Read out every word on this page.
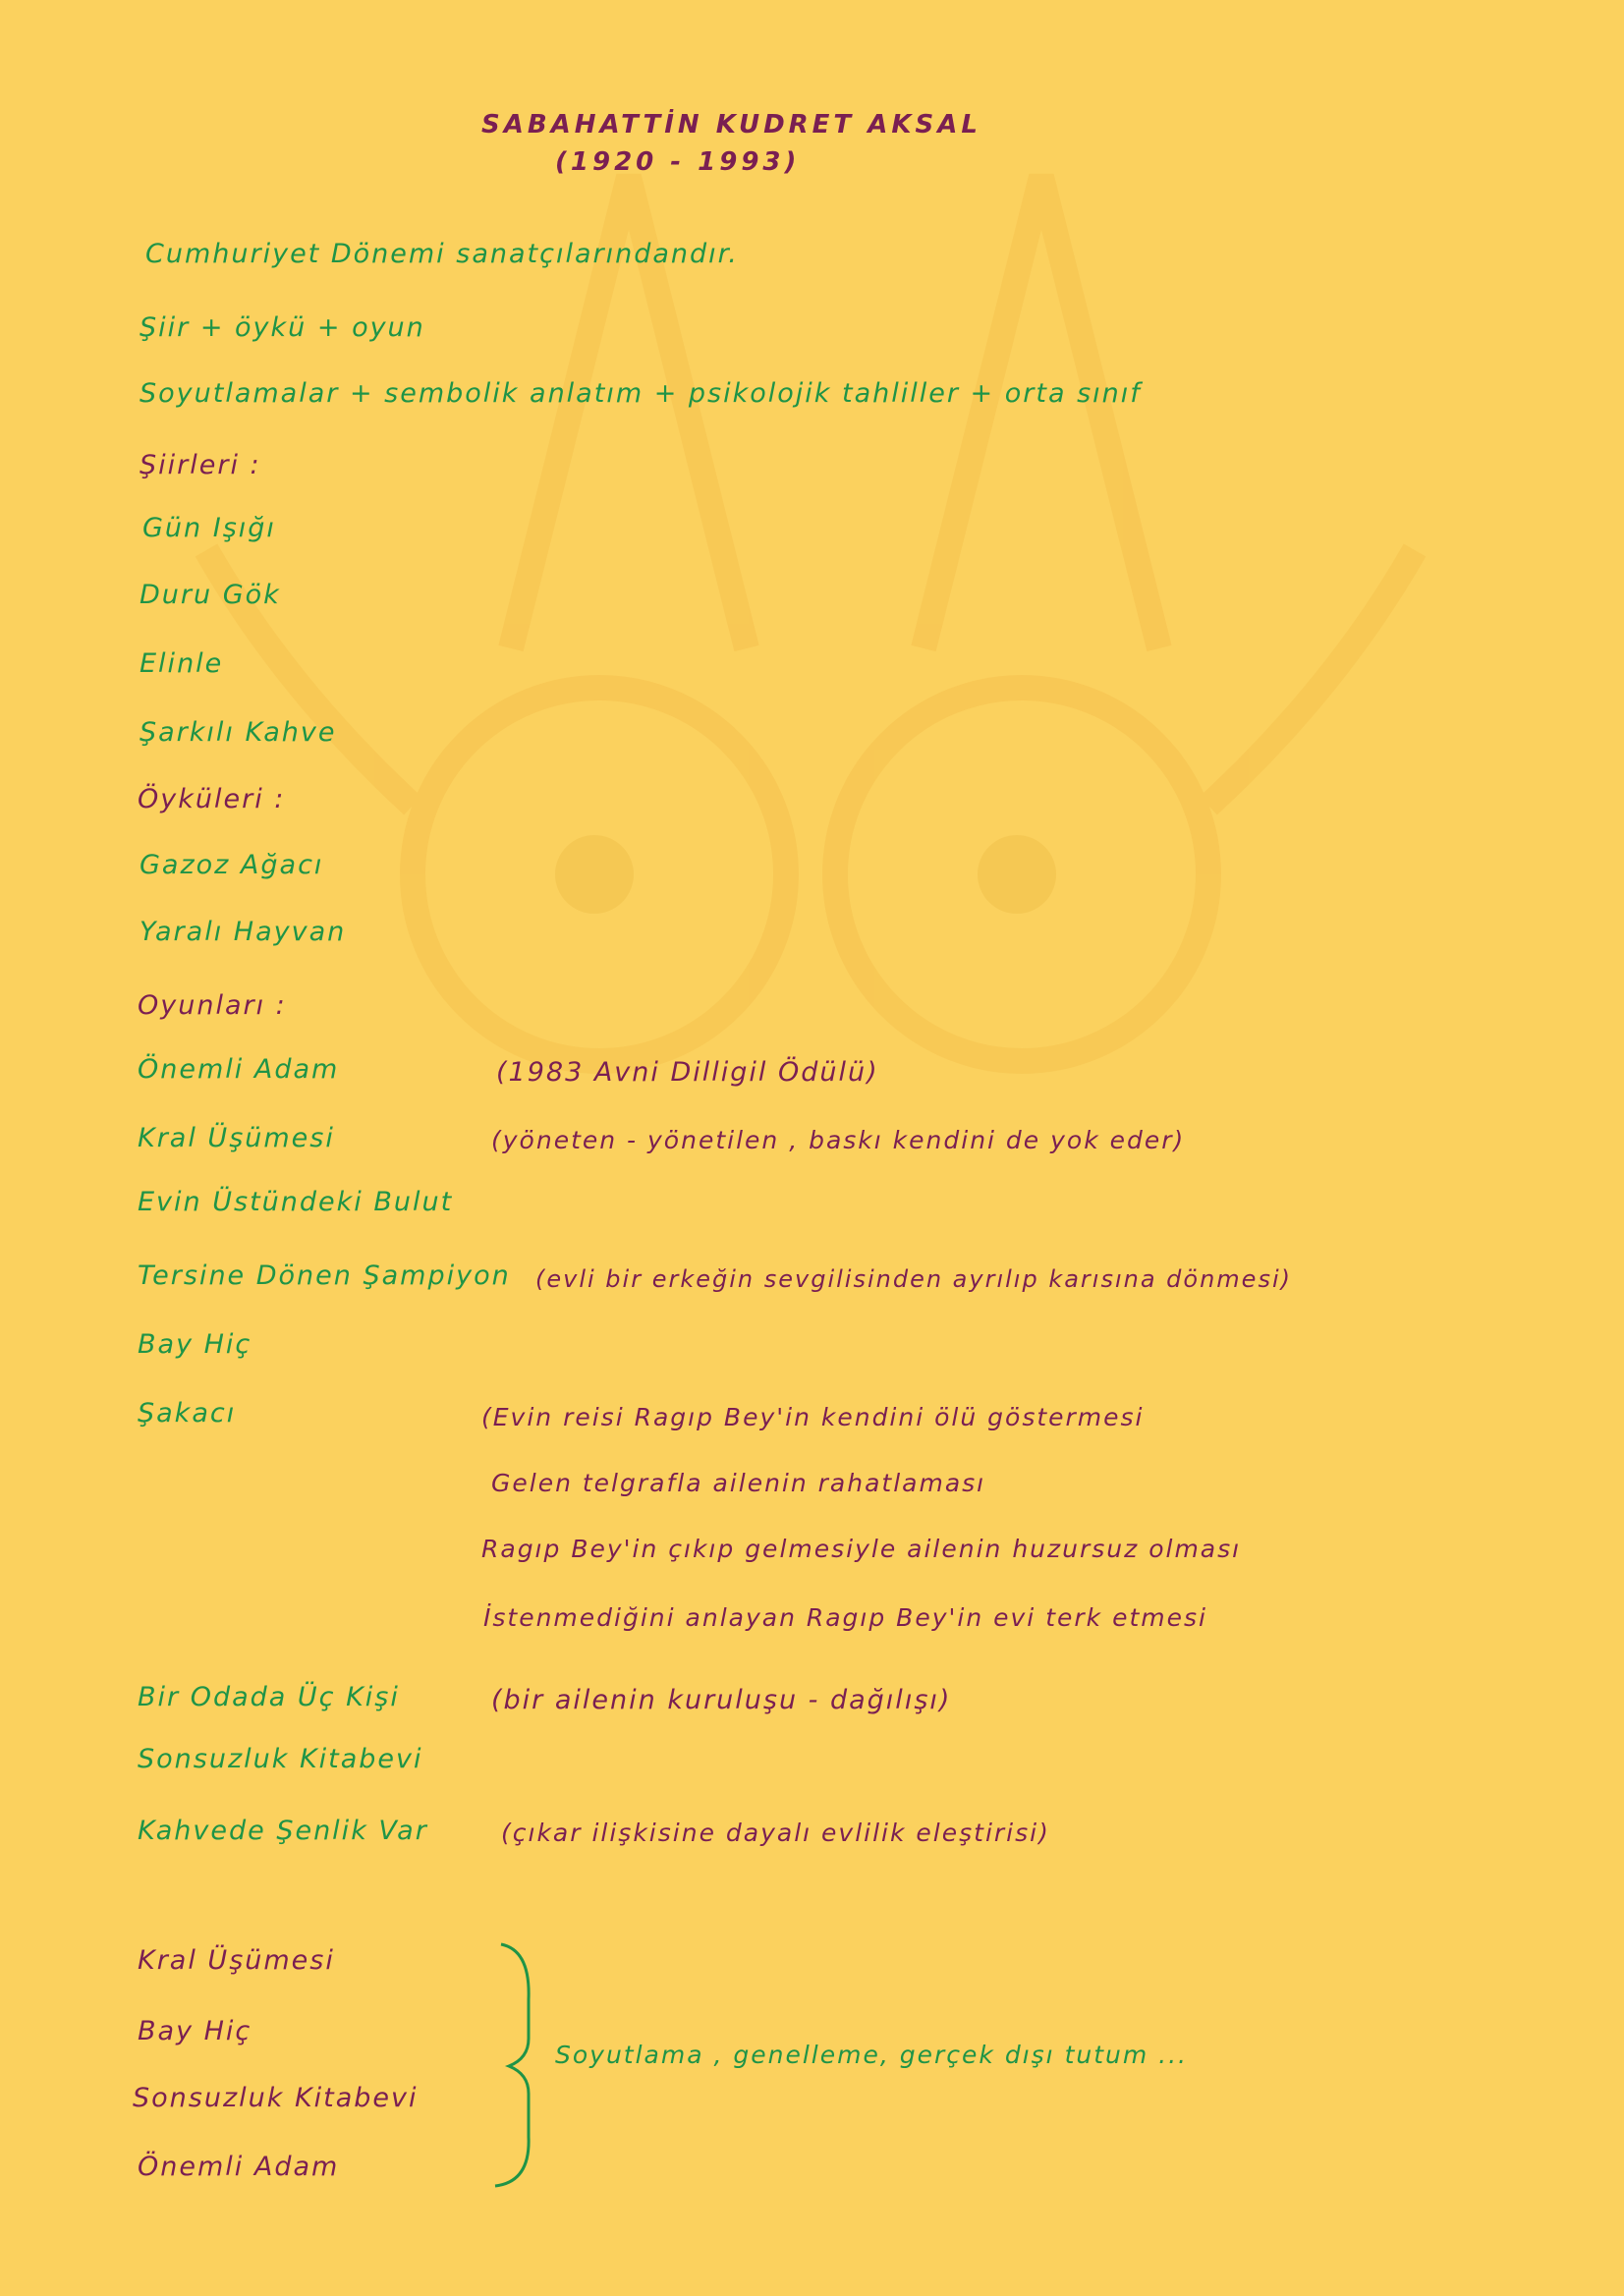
SABAHATTİN KUDRET AKSAL
(1920 - 1993)
Cumhuriyet Dönemi sanatçılarındandır.
Şiir + öykü + oyun
Soyutlamalar + sembolik anlatım + psikolojik tahliller + orta sınıf
Şiirleri :
Gün Işığı
Duru Gök
Elinle
Şarkılı Kahve
Öyküleri :
Gazoz Ağacı
Yaralı Hayvan
Oyunları :
Önemli Adam	(1983 Avni Dilligil Ödülü)
Kral Üşümesi	(yöneten - yönetilen , baskı kendini de yok eder)
Evin Üstündeki Bulut
Tersine Dönen Şampiyon (evli bir erkeğin sevgilisinden ayrılıp karısına dönmesi)
Bay Hiç
Şakacı	(Evin reisi Ragıp Bey'in kendini ölü göstermesi
Gelen telgrafla ailenin rahatlaması
Ragıp Bey'in çıkıp gelmesiyle ailenin huzursuz olması
İstenmediğini anlayan Ragıp Bey'in evi terk etmesi
Bir Odada Üç Kişi	(bir ailenin kuruluşu - dağılışı)
Sonsuzluk Kitabevi
Kahvede Şenlik Var	(çıkar ilişkisine dayalı evlilik eleştirisi)
Kral Üşümesi
Bay Hiç
Sonsuzluk Kitabevi
Önemli Adam
Soyutlama , genelleme, gerçek dışı tutum ...
